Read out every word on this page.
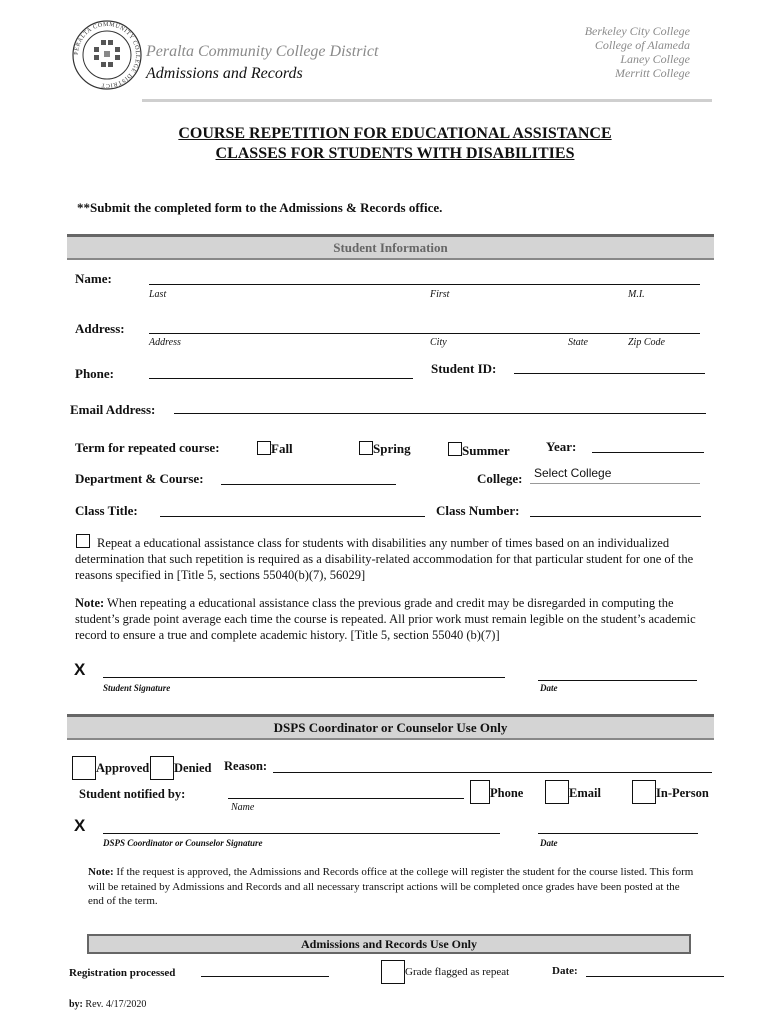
PERALTA COMMUNITY COLLEGE DISTRICT
Peralta Community College District
Admissions and Records
Berkeley City College
College of Alameda
Laney College
Merritt College
COURSE REPETITION FOR EDUCATIONAL ASSISTANCE
CLASSES FOR STUDENTS WITH DISABILITIES
**Submit the completed form to the Admissions & Records office.
Student Information
Name:
Last	First	M.I.
Address:
Address	City	State	Zip Code
Phone:	Student ID:
Email Address:
Term for repeated course:	Fall	Spring	Summer	Year:
Department & Course:	College: Select College
Class Title:	Class Number:
Repeat a educational assistance class for students with disabilities any number of times based on an individualized determination that such repetition is required as a disability-related accommodation for that particular student for one of the reasons specified in [Title 5, sections 55040(b)(7), 56029]
Note: When repeating a educational assistance class the previous grade and credit may be disregarded in computing the student’s grade point average each time the course is repeated. All prior work must remain legible on the student’s academic record to ensure a true and complete academic history. [Title 5, section 55040 (b)(7)]
X
Student Signature	Date
DSPS Coordinator or Counselor Use Only
Approved Denied Reason:
Student notified by:
Name
Phone	Email	In-Person
X
DSPS Coordinator or Counselor Signature	Date
Note: If the request is approved, the Admissions and Records office at the college will register the student for the course listed. This form will be retained by Admissions and Records and all necessary transcript actions will be completed once grades have been posted at the end of the term.
Admissions and Records Use Only
Registration processed	Grade flagged as repeat	Date:
by: Rev. 4/17/2020
